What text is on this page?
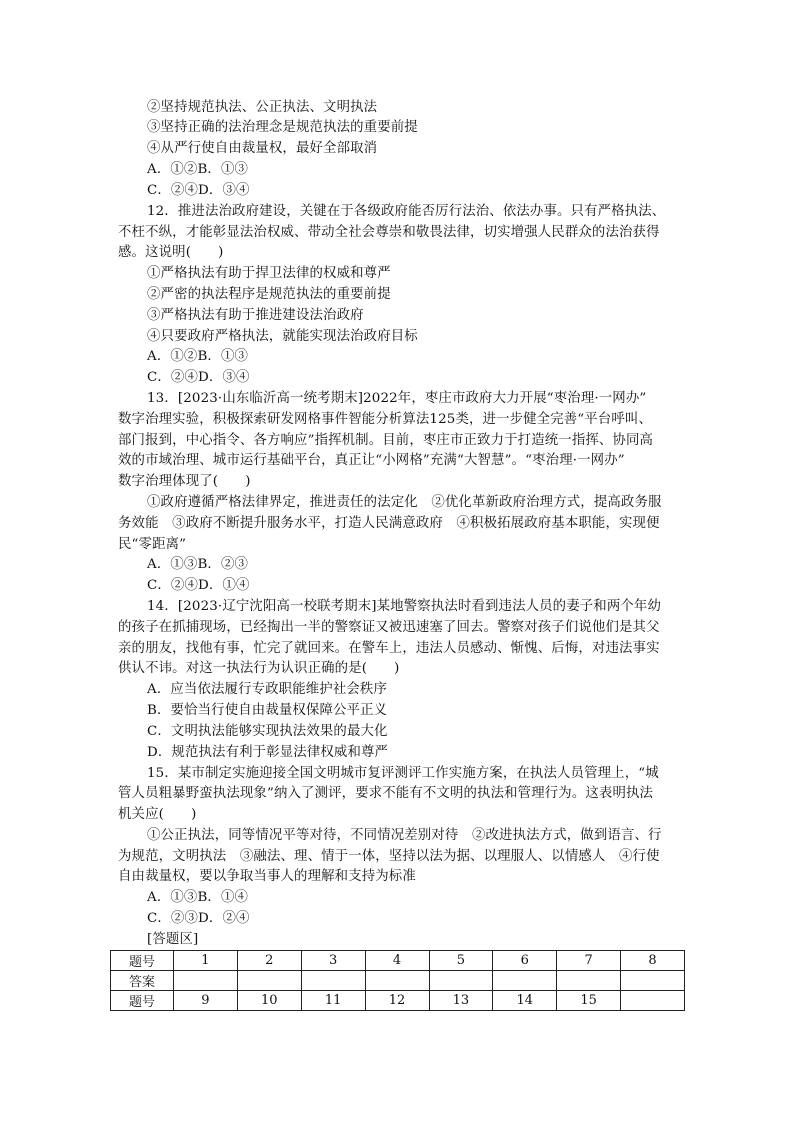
②坚持规范执法、公正执法、文明执法
③坚持正确的法治理念是规范执法的重要前提
④从严行使自由裁量权，最好全部取消
A．①②B．①③
C．②④D．③④
12．推进法治政府建设，关键在于各级政府能否厉行法治、依法办事。只有严格执法、
不枉不纵，才能彰显法治权威、带动全社会尊崇和敬畏法律，切实增强人民群众的法治获得
感。这说明(　　)
①严格执法有助于捍卫法律的权威和尊严
②严密的执法程序是规范执法的重要前提
③严格执法有助于推进建设法治政府
④只要政府严格执法，就能实现法治政府目标
A．①②B．①③
C．②④D．③④
13．[2023·山东临沂高一统考期末]2022年，枣庄市政府大力开展“枣治理·一网办”
数字治理实验，积极探索研发网格事件智能分析算法125类，进一步健全完善“平台呼叫、
部门报到，中心指令、各方响应”指挥机制。目前，枣庄市正致力于打造统一指挥、协同高
效的市域治理、城市运行基础平台，真正让“小网格”充满“大智慧”。“枣治理·一网办”
数字治理体现了(　　)
①政府遵循严格法律界定，推进责任的法定化　②优化革新政府治理方式，提高政务服
务效能　③政府不断提升服务水平，打造人民满意政府　④积极拓展政府基本职能，实现便
民“零距离”
A．①③B．②③
C．②④D．①④
14．[2023·辽宁沈阳高一校联考期末]某地警察执法时看到违法人员的妻子和两个年幼
的孩子在抓捕现场，已经掏出一半的警察证又被迅速塞了回去。警察对孩子们说他们是其父
亲的朋友，找他有事，忙完了就回来。在警车上，违法人员感动、惭愧、后悔，对违法事实
供认不讳。对这一执法行为认识正确的是(　　)
A．应当依法履行专政职能维护社会秩序
B．要恰当行使自由裁量权保障公平正义
C．文明执法能够实现执法效果的最大化
D．规范执法有利于彰显法律权威和尊严
15．某市制定实施迎接全国文明城市复评测评工作实施方案，在执法人员管理上，“城
管人员粗暴野蛮执法现象”纳入了测评，要求不能有不文明的执法和管理行为。这表明执法
机关应(　　)
①公正执法，同等情况平等对待，不同情况差别对待　②改进执法方式，做到语言、行
为规范，文明执法　③融法、理、情于一体，坚持以法为据、以理服人、以情感人　④行使
自由裁量权，要以争取当事人的理解和支持为标准
A．①③B．①④
C．②③D．②④
[答题区]
题号	1	2	3	4	5	6	7	8
答案								
题号	9	10	11	12	13	14	15	
